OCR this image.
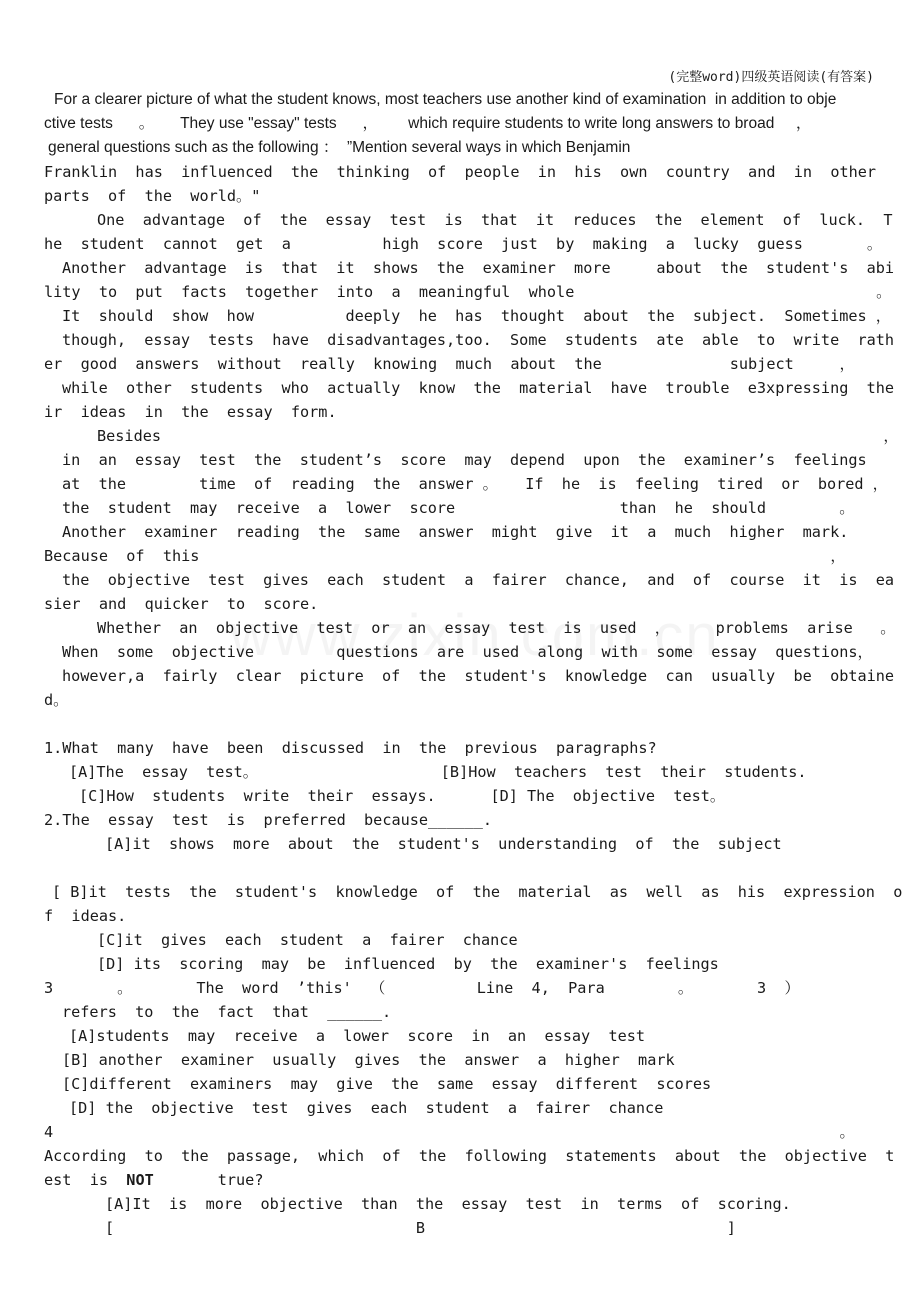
(完整word)四级英语阅读(有答案)
For a clearer picture of what the student knows, most teachers use another kind of examination  in addition to obje
ctive tests      。      They use "essay" tests      ，       which require students to write long answers to broad     ，
general questions such as the following ：  ”Mention several ways in which Benjamin
Franklin  has  influenced  the  thinking  of  people  in  his  own  country  and  in  other
parts  of  the  world。"
One  advantage  of  the  essay  test  is  that  it  reduces  the  element  of  luck.  T
he  student  cannot  get  a          high  score  just  by  making  a  lucky  guess       。
Another  advantage  is  that  it  shows  the  examiner  more     about  the  student's  abi
lity  to  put  facts  together  into  a  meaningful  whole                                 。
It  should  show  how          deeply  he  has  thought  about  the  subject.  Sometimes ，
though,  essay  tests  have  disadvantages,too.  Some  students  ate  able  to  write  rath
er  good  answers  without  really  knowing  much  about  the              subject     ，
while  other  students  who  actually  know  the  material  have  trouble  e3xpressing  the
ir  ideas  in  the  essay  form.
Besides                                                                               ，
in  an  essay  test  the  student’s  score  may  depend  upon  the  examiner’s  feelings
at  the        time  of  reading  the  answer 。   If  he  is  feeling  tired  or  bored ，
the  student  may  receive  a  lower  score                  than  he  should        。
Another  examiner  reading  the  same  answer  might  give  it  a  much  higher  mark.
Because  of  this                                                                     ，
the  objective  test  gives  each  student  a  fairer  chance,  and  of  course  it  is  ea
sier  and  quicker  to  score.
Whether  an  objective  test  or  an  essay  test  is  used  ，     problems  arise   。
When  some  objective         questions  are  used  along  with  some  essay  questions，
however,a  fairly  clear  picture  of  the  student's  knowledge  can  usually  be  obtaine
d。
1.What  many  have  been  discussed  in  the  previous  paragraphs?
[A]The  essay  test。                    [B]How  teachers  test  their  students.
[C]How  students  write  their  essays.      [D] The  objective  test。
2.The  essay  test  is  preferred  because______.
[A]it  shows  more  about  the  student's  understanding  of  the  subject
[ B]it  tests  the  student's  knowledge  of  the  material  as  well  as  his  expression  o
f  ideas.
[C]it  gives  each  student  a  fairer  chance
[D] its  scoring  may  be  influenced  by  the  examiner's  feelings
3       。       The  word  ’this'  （          Line  4,  Para        。       3  ）
refers  to  the  fact  that  ______.
[A]students  may  receive  a  lower  score  in  an  essay  test
[B] another  examiner  usually  gives  the  answer  a  higher  mark
[C]different  examiners  may  give  the  same  essay  different  scores
[D] the  objective  test  gives  each  student  a  fairer  chance
4                                                                                      。
According  to  the  passage,  which  of  the  following  statements  about  the  objective  t
est  is  NOT	true?
[A]It  is  more  objective  than  the  essay  test  in  terms  of  scoring.
[                                 B                                 ]
